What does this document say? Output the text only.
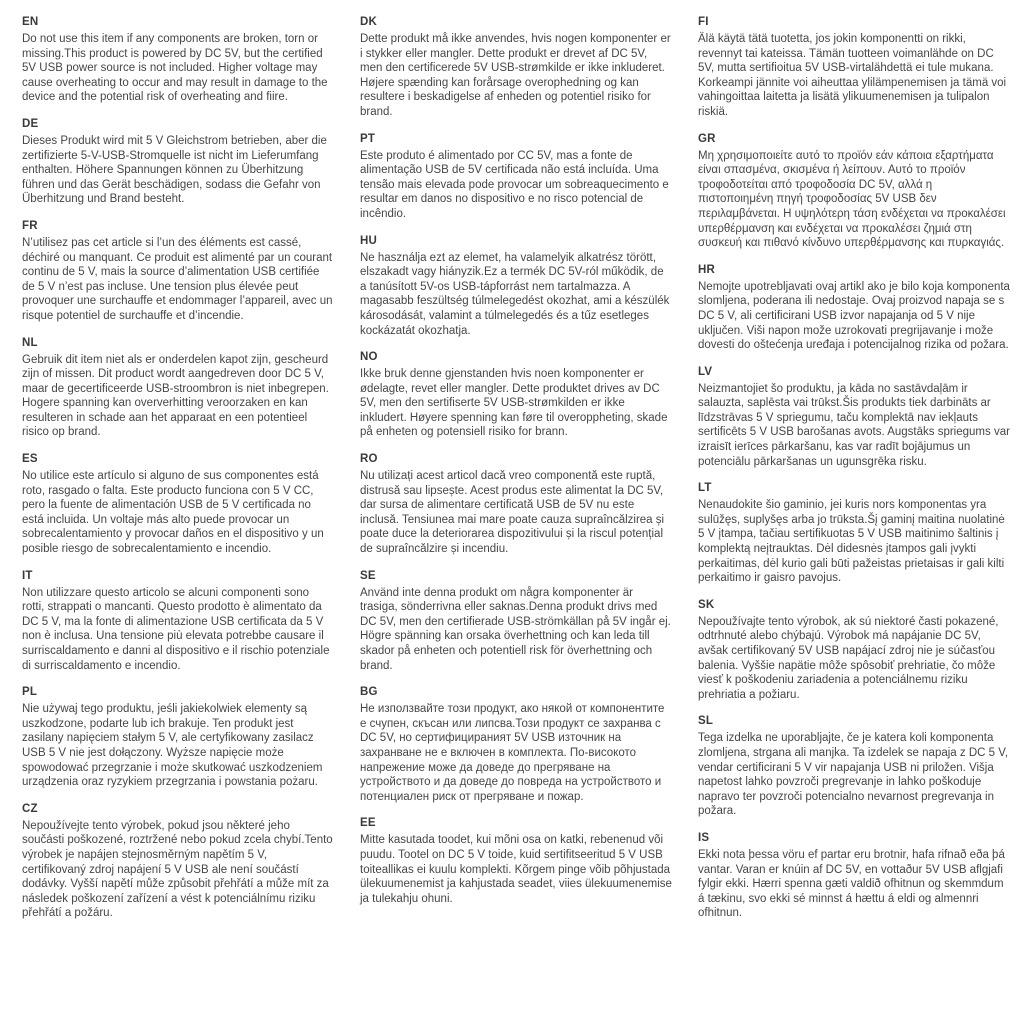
EN
Do not use this item if any components are broken, torn or missing.This product is powered by DC 5V, but the certified 5V USB power source is not included. Higher voltage may cause overheating to occur and may result in damage to the device and the potential risk of overheating and fiire.
DE
Dieses Produkt wird mit 5 V Gleichstrom betrieben, aber die zertifizierte 5-V-USB-Stromquelle ist nicht im Lieferumfang enthalten. Höhere Spannungen können zu Überhitzung führen und das Gerät beschädigen, sodass die Gefahr von Überhitzung und Brand besteht.
FR
N’utilisez pas cet article si l’un des éléments est cassé, déchiré ou manquant. Ce produit est alimenté par un courant continu de 5 V, mais la source d’alimentation USB certifiée de 5 V n’est pas incluse. Une tension plus élevée peut provoquer une surchauffe et endommager l’appareil, avec un risque potentiel de surchauffe et d’incendie.
NL
Gebruik dit item niet als er onderdelen kapot zijn, gescheurd zijn of missen. Dit product wordt aangedreven door DC 5 V, maar de gecertificeerde USB-stroombron is niet inbegrepen. Hogere spanning kan oververhitting veroorzaken en kan resulteren in schade aan het apparaat en een potentieel risico op brand.
ES
No utilice este artículo si alguno de sus componentes está roto, rasgado o falta. Este producto funciona con 5 V CC, pero la fuente de alimentación USB de 5 V certificada no está incluida. Un voltaje más alto puede provocar un sobrecalentamiento y provocar daños en el dispositivo y un posible riesgo de sobrecalentamiento e incendio.
IT
Non utilizzare questo articolo se alcuni componenti sono rotti, strappati o mancanti. Questo prodotto è alimentato da DC 5 V, ma la fonte di alimentazione USB certificata da 5 V non è inclusa. Una tensione più elevata potrebbe causare il surriscaldamento e danni al dispositivo e il rischio potenziale di surriscaldamento e incendio.
PL
Nie używaj tego produktu, jeśli jakiekolwiek elementy są uszkodzone, podarte lub ich brakuje. Ten produkt jest zasilany napięciem stałym 5 V, ale certyfikowany zasilacz USB 5 V nie jest dołączony. Wyższe napięcie może spowodować przegrzanie i może skutkować uszkodzeniem urządzenia oraz ryzykiem przegrzania i powstania pożaru.
CZ
Nepoužívejte tento výrobek, pokud jsou některé jeho součásti poškozené, roztržené nebo pokud zcela chybí.Tento výrobek je napájen stejnosměrným napětím 5 V, certifikovaný zdroj napájení 5 V USB ale není součástí dodávky. Vyšší napětí může způsobit přehřátí a může mít za následek poškození zařízení a vést k potenciálnímu riziku přehřátí a požáru.
DK
Dette produkt må ikke anvendes, hvis nogen komponenter er i stykker eller mangler. Dette produkt er drevet af DC 5V, men den certificerede 5V USB-strømkilde er ikke inkluderet. Højere spænding kan forårsage overophedning og kan resultere i beskadigelse af enheden og potentiel risiko for brand.
PT
Este produto é alimentado por CC 5V, mas a fonte de alimentação USB de 5V certificada não está incluída. Uma tensão mais elevada pode provocar um sobreaquecimento e resultar em danos no dispositivo e no risco potencial de incêndio.
HU
Ne használja ezt az elemet, ha valamelyik alkatrész törött, elszakadt vagy hiányzik.Ez a termék DC 5V-ról működik, de a tanúsított 5V-os USB-tápforrást nem tartalmazza. A magasabb feszültség túlmelegedést okozhat, ami a készülék károsodását, valamint a túlmelegedés és a tűz esetleges kockázatát okozhatja.
NO
Ikke bruk denne gjenstanden hvis noen komponenter er ødelagte, revet eller mangler. Dette produktet drives av DC 5V, men den sertifiserte 5V USB-strømkilden er ikke inkludert. Høyere spenning kan føre til overoppheting, skade på enheten og potensiell risiko for brann.
RO
Nu utilizați acest articol dacă vreo componentă este ruptă, distrusă sau lipsește. Acest produs este alimentat la DC 5V, dar sursa de alimentare certificată USB de 5V nu este inclusă. Tensiunea mai mare poate cauza supraîncălzirea și poate duce la deteriorarea dispozitivului și la riscul potențial de supraîncălzire și incendiu.
SE
Använd inte denna produkt om några komponenter är trasiga, sönderrivna eller saknas.Denna produkt drivs med DC 5V, men den certifierade USB-strömkällan på 5V ingår ej. Högre spänning kan orsaka överhettning och kan leda till skador på enheten och potentiell risk för överhettning och brand.
BG
Не използвайте този продукт, ако някой от компонентите е счупен, скъсан или липсва.Този продукт се захранва с DC 5V, но сертифицираният 5V USB източник на захранване не е включен в комплекта. По-високото напрежение може да доведе до прегряване на устройството и да доведе до повреда на устройството и потенциален риск от прегряване и пожар.
EE
Mitte kasutada toodet, kui mõni osa on katki, rebenenud või puudu. Tootel on DC 5 V toide, kuid sertifitseeritud 5 V USB toiteallikas ei kuulu komplekti. Kõrgem pinge võib põhjustada ülekuumenemist ja kahjustada seadet, viies ülekuumenemise ja tulekahju ohuni.
FI
Älä käytä tätä tuotetta, jos jokin komponentti on rikki, revennyt tai kateissa. Tämän tuotteen voimanlähde on DC 5V, mutta sertifioitua 5V USB-virtalähdettä ei tule mukana. Korkeampi jännite voi aiheuttaa ylilämpenemisen ja tämä voi vahingoittaa laitetta ja lisätä ylikuumenemisen ja tulipalon riskiä.
GR
Μη χρησιμοποιείτε αυτό το προϊόν εάν κάποια εξαρτήματα είναι σπασμένα, σκισμένα ή λείπουν. Αυτό το προϊόν τροφοδοτείται από τροφοδοσία DC 5V, αλλά η πιστοποιημένη πηγή τροφοδοσίας 5V USB δεν περιλαμβάνεται. Η υψηλότερη τάση ενδέχεται να προκαλέσει υπερθέρμανση και ενδέχεται να προκαλέσει ζημιά στη συσκευή και πιθανό κίνδυνο υπερθέρμανσης και πυρκαγιάς.
HR
Nemojte upotrebljavati ovaj artikl ako je bilo koja komponenta slomljena, poderana ili nedostaje. Ovaj proizvod napaja se s DC 5 V, ali certificirani USB izvor napajanja od 5 V nije uključen. Viši napon može uzrokovati pregrijavanje i može dovesti do oštećenja uređaja i potencijalnog rizika od požara.
LV
Neizmantojiet šo produktu, ja kāda no sastāvdaļām ir salauzta, saplēsta vai trūkst.Šis produkts tiek darbināts ar līdzstrāvas 5 V spriegumu, taču komplektā nav iekļauts sertificēts 5 V USB barošanas avots. Augstāks spriegums var izraisīt ierīces pārkaršanu, kas var radīt bojājumus un potenciālu pārkaršanas un ugunsgrēka risku.
LT
Nenaudokite šio gaminio, jei kuris nors komponentas yra sulūžęs, suplyšęs arba jo trūksta.Šį gaminį maitina nuolatinė 5 V įtampa, tačiau sertifikuotas 5 V USB maitinimo šaltinis į komplektą neįtrauktas. Dėl didesnės įtampos gali įvykti perkaitimas, dėl kurio gali būti pažeistas prietaisas ir gali kilti perkaitimo ir gaisro pavojus.
SK
Nepoužívajte tento výrobok, ak sú niektoré časti pokazené, odtrhnuté alebo chýbajú. Výrobok má napájanie DC 5V, avšak certifikovaný 5V USB napájací zdroj nie je súčasťou balenia. Vyššie napätie môže spôsobiť prehriatie, čo môže viesť k poškodeniu zariadenia a potenciálnemu riziku prehriatia a požiaru.
SL
Tega izdelka ne uporabljajte, če je katera koli komponenta zlomljena, strgana ali manjka. Ta izdelek se napaja z DC 5 V, vendar certificirani 5 V vir napajanja USB ni priložen. Višja napetost lahko povzroči pregrevanje in lahko poškoduje napravo ter povzroči potencialno nevarnost pregrevanja in požara.
IS
Ekki nota þessa vöru ef partar eru brotnir, hafa rifnað eða þá vantar. Varan er knúin af DC 5V, en vottaður 5V USB aflgjafi fylgir ekki. Hærri spenna gæti valdið ofhitnun og skemmdum á tækinu, svo ekki sé minnst á hættu á eldi og almennri ofhitnun.
